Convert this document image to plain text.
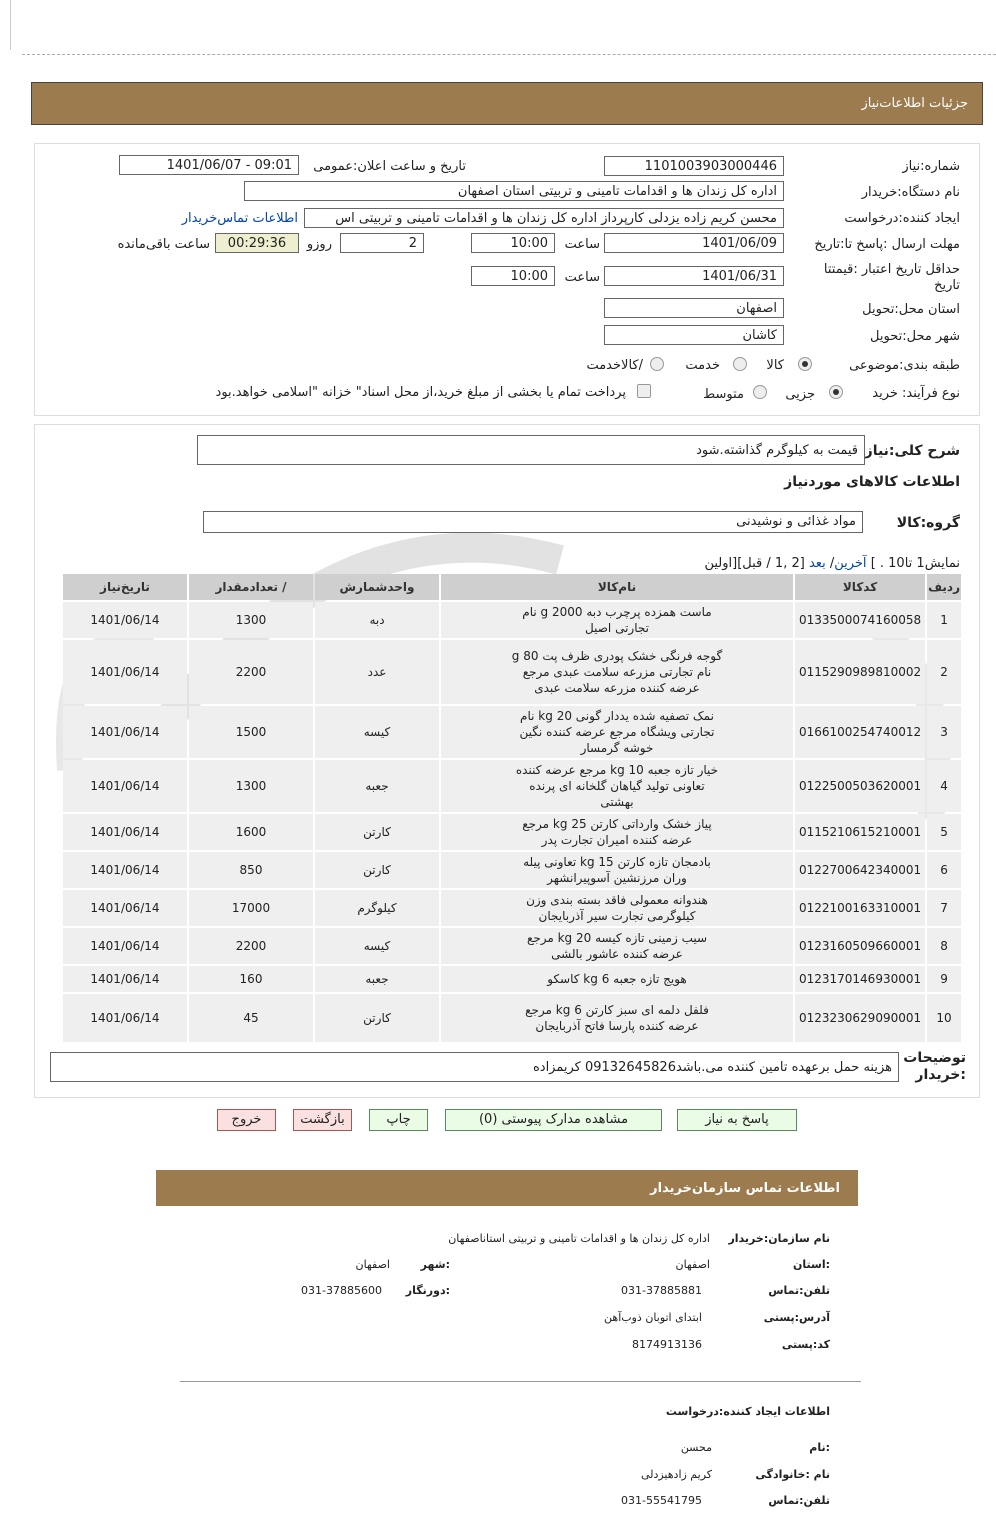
جزئیات اطلاعات‌نیاز
شماره:نیاز
1101003903000446
تاریخ و ساعت اعلان:عمومی
1401/06/07 - 09:01
نام دستگاه:خریدار
اداره کل زندان ها و اقدامات تامینی و تربیتی استان اصفهان
ایجاد کننده:درخواست
محسن کریم زاده یزدلی کارپرداز اداره کل زندان ها و اقدامات تامینی و تربیتی اس
اطلاعات تماس‌خریدار
مهلت ارسال :پاسخ تا:تاریخ
1401/06/09
ساعت
10:00
2
روزو
00:29:36
ساعت باقی‌مانده
حداقل تاریخ اعتبار :قیمتتا تاریخ
1401/06/31
ساعت
10:00
استان محل:تحویل
اصفهان
شهر محل:تحویل
کاشان
طبقه بندی:موضوعی
کالا
خدمت
/کالاخدمت
نوع فرآیند: خرید
جزیی
متوسط
پرداخت تمام یا بخشی از مبلغ خرید،از محل اسناد" خزانه "اسلامی خواهد.بود
شرح کلی:نیاز
قیمت به کیلوگرم گذاشته.شود
اطلاعات کالاهای موردنیاز
گروه:کالا
مواد غذائی و نوشیدنی
نمایش1 تا10 . ] آخرین/ بعد [2 ,1 / قبل][اولین
ردیف	کدکالا	نام‌کالا	واحدشمارش	/ تعدادمقدار	تاریخ‌نیاز
1	0133500074160058	ماست همزده پرچرب دبه 2000 g نام تجارتی اصیل	دبه	1300	1401/06/14
2	0115290989810002	گوجه فرنگی خشک پودری ظرف پت 80 g نام تجارتی مزرعه سلامت عبدی مرجع عرضه کننده مزرعه سلامت عبدی	عدد	2200	1401/06/14
3	0166100254740012	نمک تصفیه شده یددار گونی 20 kg نام تجارتی ویشگاه مرجع عرضه کننده نگین خوشه گرمسار	کیسه	1500	1401/06/14
4	0122500503620001	خیار تازه جعبه 10 kg مرجع عرضه کننده تعاونی تولید گیاهان گلخانه ای پرنده بهشتی	جعبه	1300	1401/06/14
5	0115210615210001	پیاز خشک وارداتی کارتن 25 kg مرجع عرضه کننده امیران تجارت پدر	کارتن	1600	1401/06/14
6	0122700642340001	بادمجان تازه کارتن 15 kg تعاونی پیله وران مرزنشین آسوپیرانشهر	کارتن	850	1401/06/14
7	0122100163310001	هندوانه معمولی فاقد بسته بندی وزن کیلوگرمی تجارت سیر آذربایجان	کیلوگرم	17000	1401/06/14
8	0123160509660001	سیب زمینی تازه کیسه 20 kg مرجع عرضه کننده عاشور بالشی	کیسه	2200	1401/06/14
9	0123170146930001	هویج تازه جعبه 6 kg کاسکو	جعبه	160	1401/06/14
10	0123230629090001	فلفل دلمه ای سبز کارتن 6 kg مرجع عرضه کننده پارسا فاتح آذربایجان	کارتن	45	1401/06/14
توضیحات :خریدار
هزینه حمل برعهده تامین کننده می.باشد09132645826 کریمزاده
پاسخ به نیاز
مشاهده مدارک پیوستی (0)
چاپ
بازگشت
خروج
اطلاعات تماس سازمان‌خریدار
نام سازمان:خریدار
اداره کل زندان ها و اقدامات تامینی و تربیتی استاناصفهان
:استان
اصفهان
:شهر
اصفهان
تلفن:تماس
031-37885881
:دورنگار
031-37885600
آدرس:پستی
ابتدای اتوبان ذوب‌آهن
کد:پستی
8174913136
اطلاعات ایجاد کننده:درخواست
:نام
محسن
نام :خانوادگی
کریم زادهیزدلی
تلفن:تماس
031-55541795
